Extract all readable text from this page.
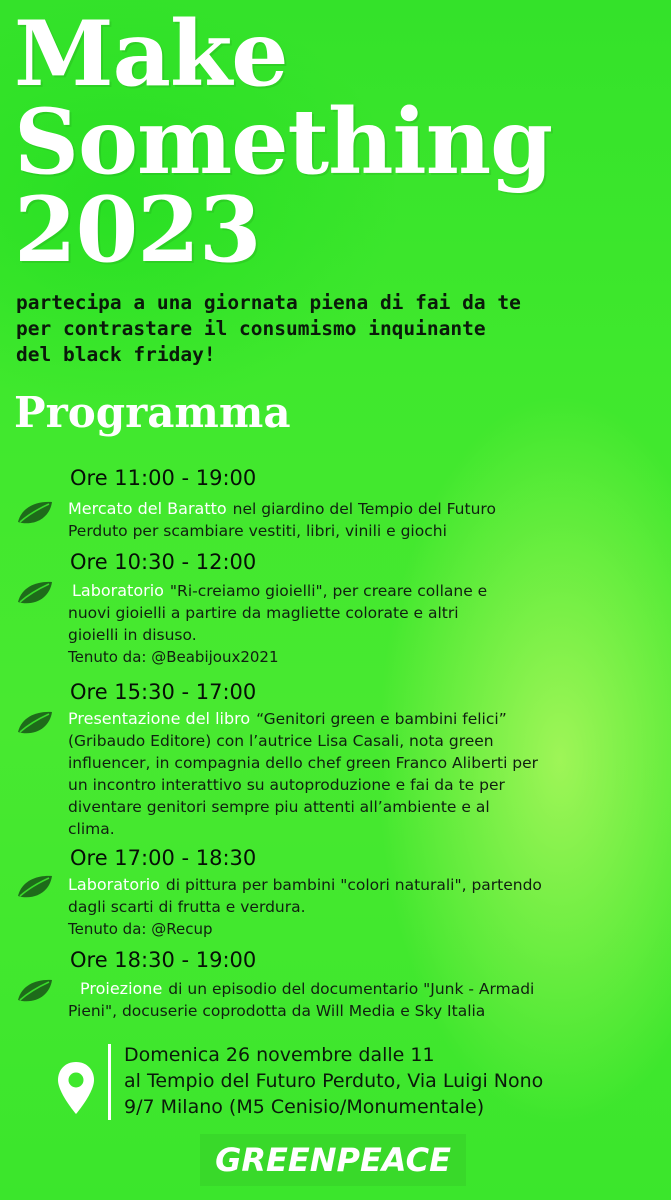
Make
Something
2023
partecipa a una giornata piena di fai da te
per contrastare il consumismo inquinante
del black friday!
Programma
Ore 11:00 - 19:00
Mercato del Baratto nel giardino del Tempio del Futuro
Perduto per scambiare vestiti, libri, vinili e giochi
Ore 10:30 - 12:00
Laboratorio "Ri-creiamo gioielli", per creare collane e
nuovi gioielli a partire da magliette colorate e altri
gioielli in disuso.
Tenuto da: @Beabijoux2021
Ore 15:30 - 17:00
Presentazione del libro “Genitori green e bambini felici”
(Gribaudo Editore) con l’autrice Lisa Casali, nota green
influencer, in compagnia dello chef green Franco Aliberti per
un incontro interattivo su autoproduzione e fai da te per
diventare genitori sempre piu attenti all’ambiente e al
clima.
Ore 17:00 - 18:30
Laboratorio di pittura per bambini "colori naturali", partendo
dagli scarti di frutta e verdura.
Tenuto da: @Recup
Ore 18:30 - 19:00
Proiezione di un episodio del documentario "Junk - Armadi
Pieni", docuserie coprodotta da Will Media e Sky Italia
Domenica 26 novembre dalle 11
al Tempio del Futuro Perduto, Via Luigi Nono
9/7 Milano (M5 Cenisio/Monumentale)
GREENPEACE
